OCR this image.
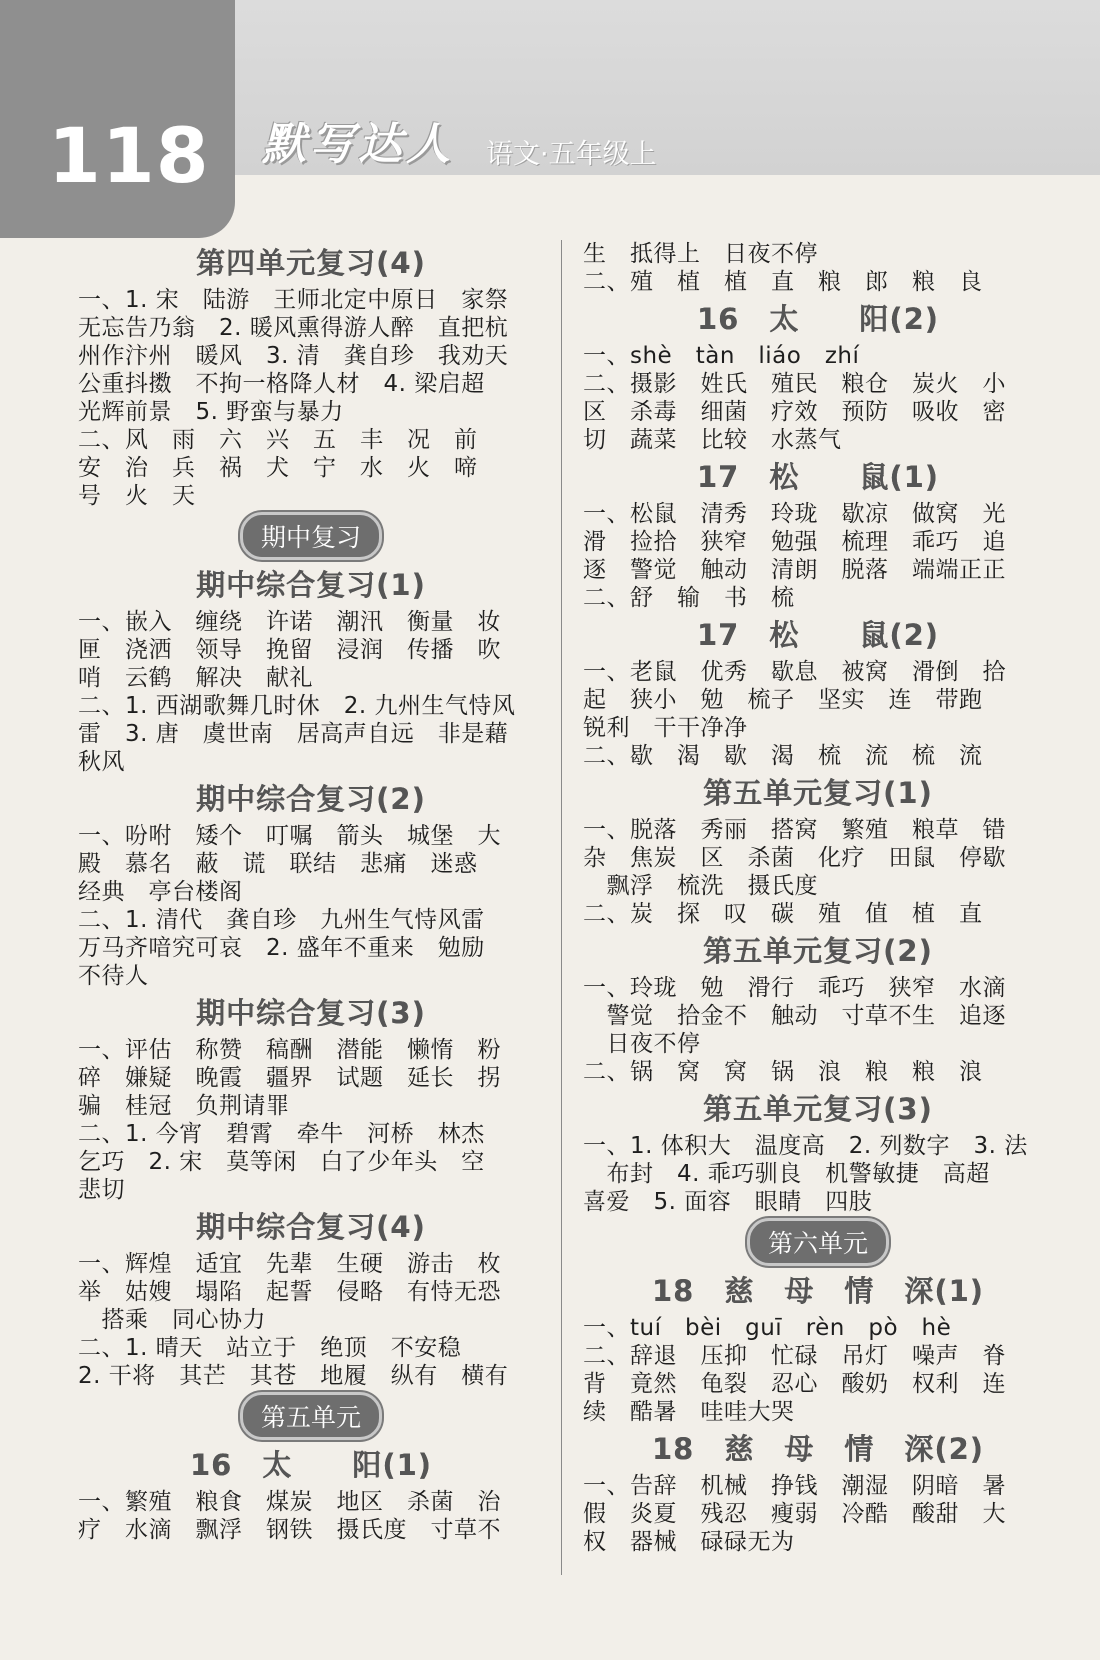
118 默写达人 语文·五年级上
第四单元复习(4)
一、1. 宋　陆游　王师北定中原日　家祭
无忘告乃翁　2. 暖风熏得游人醉　直把杭
州作汴州　暖风　3. 清　龚自珍　我劝天
公重抖擞　不拘一格降人材　4. 梁启超
光辉前景　5. 野蛮与暴力
二、风　雨　六　兴　五　丰　况　前
安　治　兵　祸　犬　宁　水　火　啼
号　火　天
期中复习
期中综合复习(1)
一、嵌入　缠绕　许诺　潮汛　衡量　妆
匣　浇洒　领导　挽留　浸润　传播　吹
哨　云鹤　解决　献礼
二、1. 西湖歌舞几时休　2. 九州生气恃风
雷　3. 唐　虞世南　居高声自远　非是藉
秋风
期中综合复习(2)
一、吩咐　矮个　叮嘱　箭头　城堡　大
殿　慕名　蔽　谎　联结　悲痛　迷惑
经典　亭台楼阁
二、1. 清代　龚自珍　九州生气恃风雷
万马齐喑究可哀　2. 盛年不重来　勉励
不待人
期中综合复习(3)
一、评估　称赞　稿酬　潜能　懒惰　粉
碎　嫌疑　晚霞　疆界　试题　延长　拐
骗　桂冠　负荆请罪
二、1. 今宵　碧霄　牵牛　河桥　林杰
乞巧　2. 宋　莫等闲　白了少年头　空
悲切
期中综合复习(4)
一、辉煌　适宜　先辈　生硬　游击　枚
举　姑嫂　塌陷　起誓　侵略　有恃无恐
　搭乘　同心协力
二、1. 晴天　站立于　绝顶　不安稳
2. 干将　其芒　其苍　地履　纵有　横有
第五单元
16　太　　阳(1)
一、繁殖　粮食　煤炭　地区　杀菌　治
疗　水滴　飘浮　钢铁　摄氏度　寸草不
生　抵得上　日夜不停
二、殖　植　植　直　粮　郎　粮　良
16　太　　阳(2)
一、shè　tàn　liáo　zhí
二、摄影　姓氏　殖民　粮仓　炭火　小
区　杀毒　细菌　疗效　预防　吸收　密
切　蔬菜　比较　水蒸气
17　松　　鼠(1)
一、松鼠　清秀　玲珑　歇凉　做窝　光
滑　捡拾　狭窄　勉强　梳理　乖巧　追
逐　警觉　触动　清朗　脱落　端端正正
二、舒　输　书　梳
17　松　　鼠(2)
一、老鼠　优秀　歇息　被窝　滑倒　拾
起　狭小　勉　梳子　坚实　连　带跑
锐利　干干净净
二、歇　渴　歇　渴　梳　流　梳　流
第五单元复习(1)
一、脱落　秀丽　搭窝　繁殖　粮草　错
杂　焦炭　区　杀菌　化疗　田鼠　停歇
　飘浮　梳洗　摄氏度
二、炭　探　叹　碳　殖　值　植　直
第五单元复习(2)
一、玲珑　勉　滑行　乖巧　狭窄　水滴
　警觉　拾金不　触动　寸草不生　追逐
　日夜不停
二、锅　窝　窝　锅　浪　粮　粮　浪
第五单元复习(3)
一、1. 体积大　温度高　2. 列数字　3. 法
　布封　4. 乖巧驯良　机警敏捷　高超
喜爱　5. 面容　眼睛　四肢
第六单元
18　慈　母　情　深(1)
一、tuí　bèi　guī　rèn　pò　hè
二、辞退　压抑　忙碌　吊灯　噪声　脊
背　竟然　龟裂　忍心　酸奶　权利　连
续　酷暑　哇哇大哭
18　慈　母　情　深(2)
一、告辞　机械　挣钱　潮湿　阴暗　暑
假　炎夏　残忍　瘦弱　冷酷　酸甜　大
权　器械　碌碌无为
